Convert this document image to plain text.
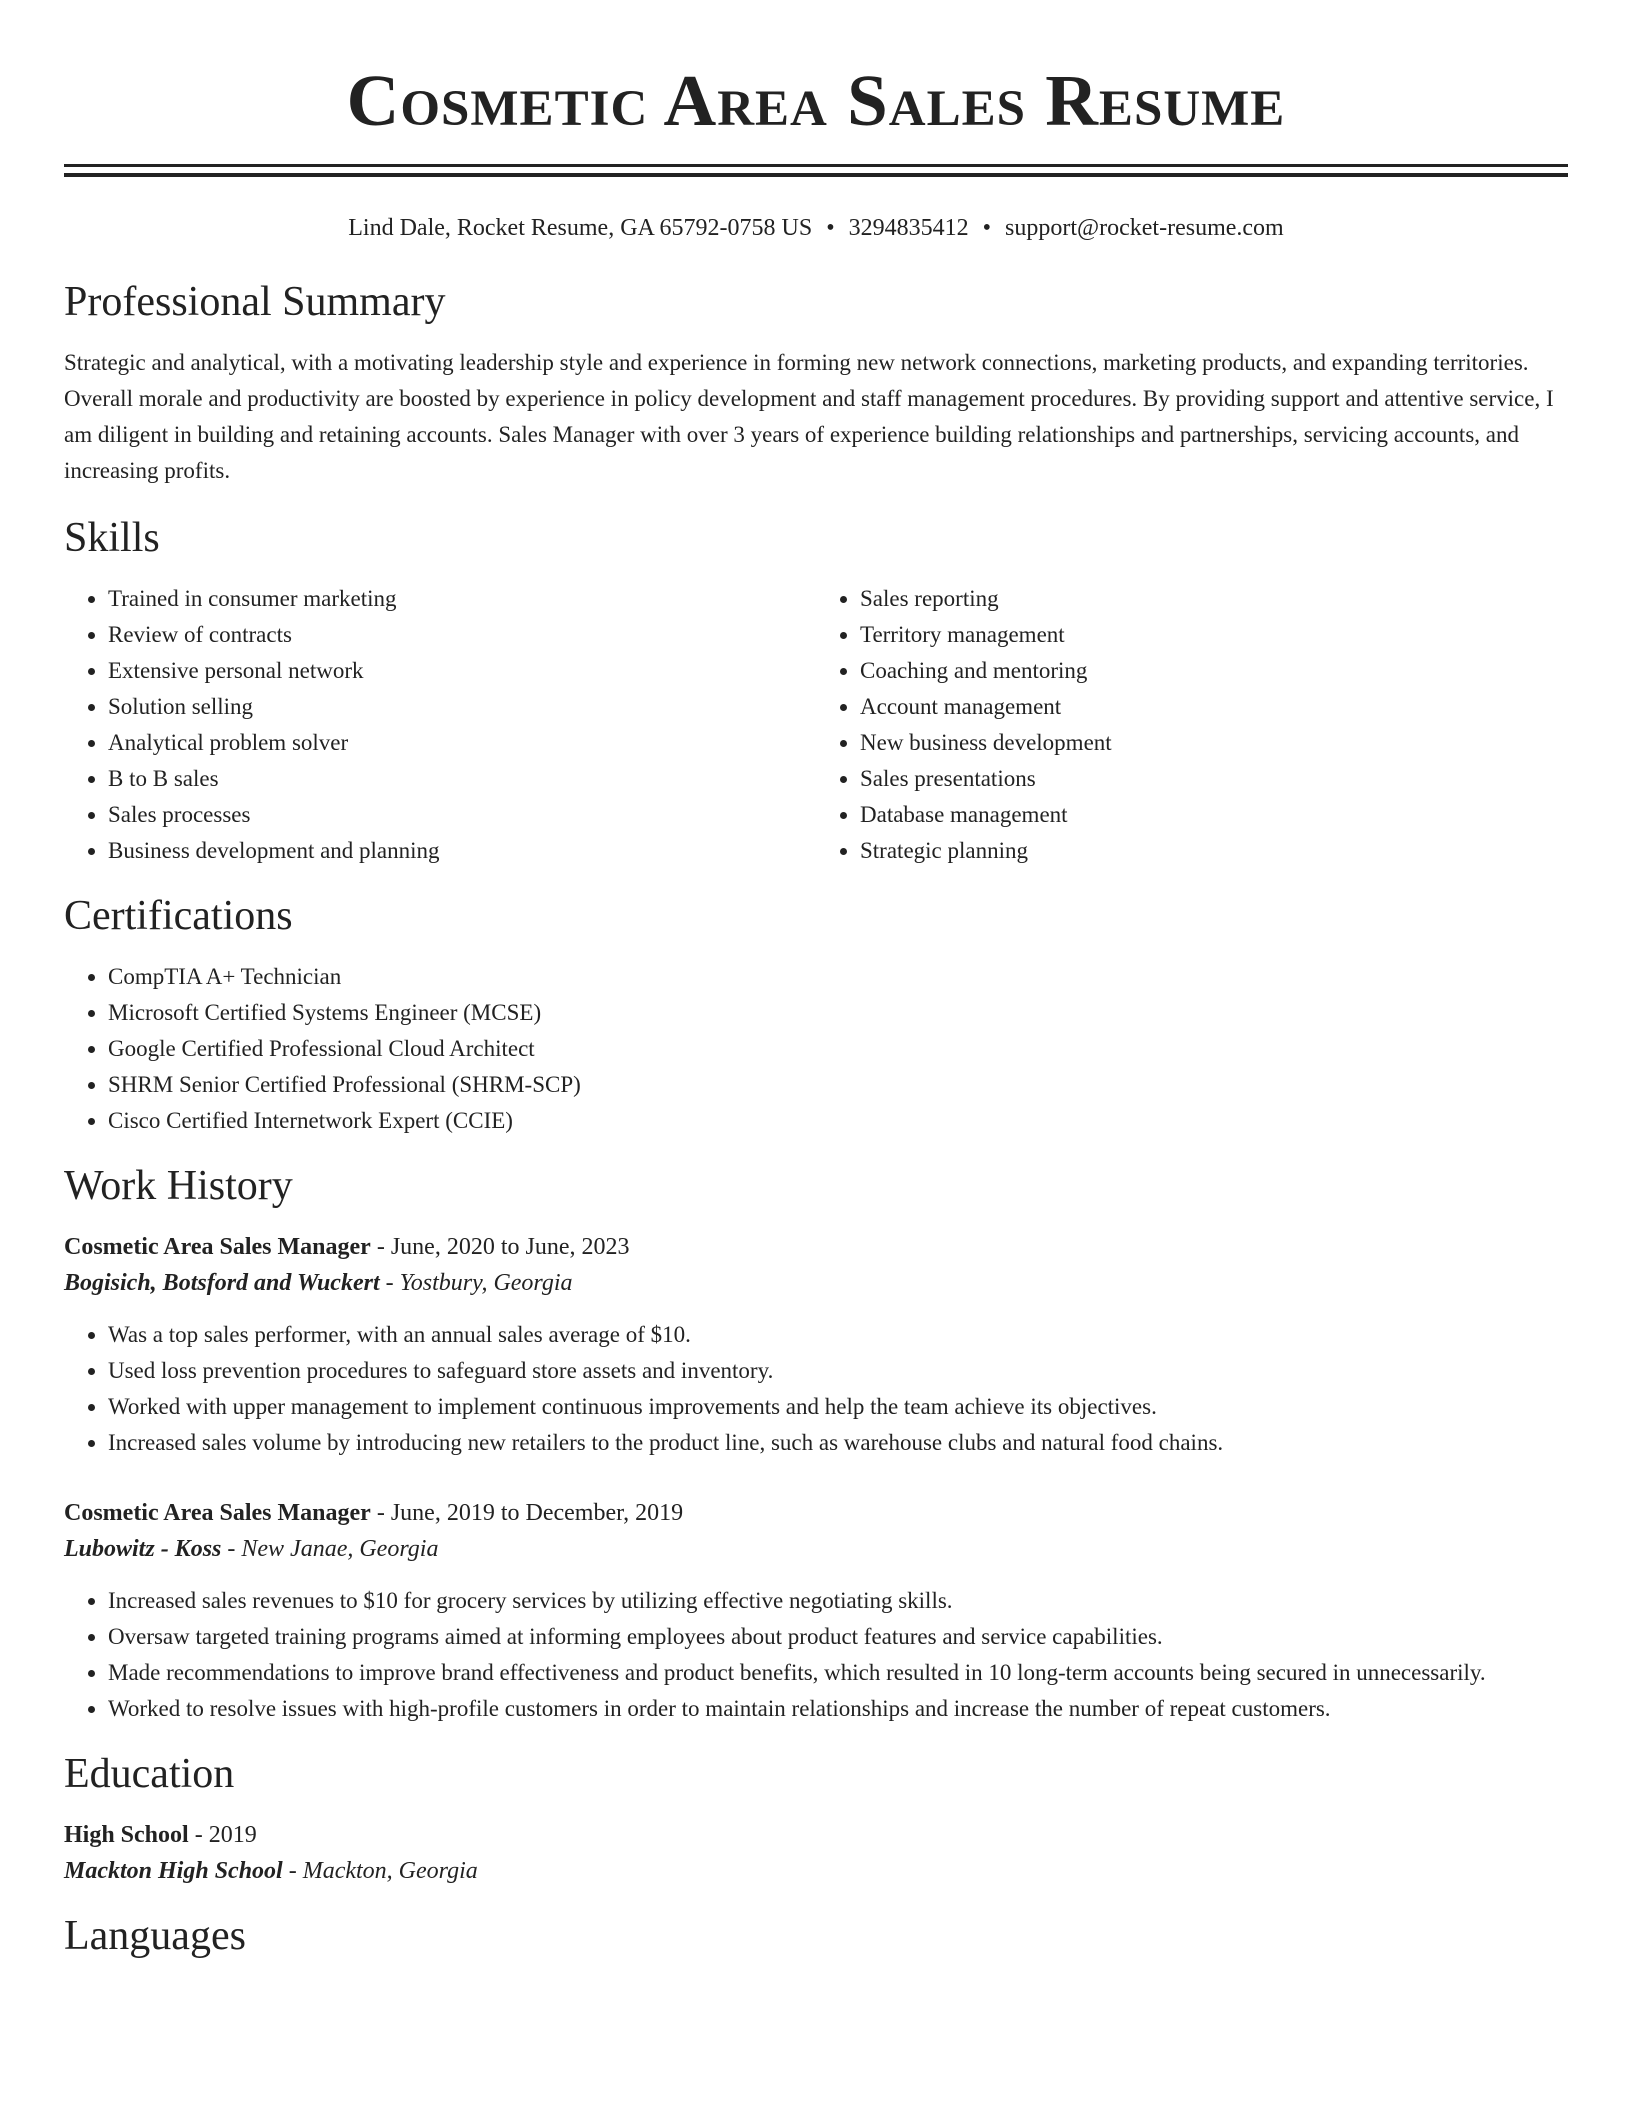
Cosmetic Area Sales Resume
Lind Dale, Rocket Resume, GA 65792-0758 US • 3294835412 • support@rocket-resume.com
Professional Summary

Strategic and analytical, with a motivating leadership style and experience in forming new network connections, marketing products, and expanding territories. Overall morale and productivity are boosted by experience in policy development and staff management procedures. By providing support and attentive service, I am diligent in building and retaining accounts. Sales Manager with over 3 years of experience building relationships and partnerships, servicing accounts, and increasing profits.

Skills
• Trained in consumer marketing
• Review of contracts
• Extensive personal network
• Solution selling
• Analytical problem solver
• B to B sales
• Sales processes
• Business development and planning
• Sales reporting
• Territory management
• Coaching and mentoring
• Account management
• New business development
• Sales presentations
• Database management
• Strategic planning
Certifications
• CompTIA A+ Technician
• Microsoft Certified Systems Engineer (MCSE)
• Google Certified Professional Cloud Architect
• SHRM Senior Certified Professional (SHRM-SCP)
• Cisco Certified Internetwork Expert (CCIE)
Work History
Cosmetic Area Sales Manager - June, 2020 to June, 2023
Bogisich, Botsford and Wuckert - Yostbury, Georgia
• Was a top sales performer, with an annual sales average of $10.
• Used loss prevention procedures to safeguard store assets and inventory.
• Worked with upper management to implement continuous improvements and help the team achieve its objectives.
• Increased sales volume by introducing new retailers to the product line, such as warehouse clubs and natural food chains.
Cosmetic Area Sales Manager - June, 2019 to December, 2019
Lubowitz - Koss - New Janae, Georgia
• Increased sales revenues to $10 for grocery services by utilizing effective negotiating skills.
• Oversaw targeted training programs aimed at informing employees about product features and service capabilities.
• Made recommendations to improve brand effectiveness and product benefits, which resulted in 10 long-term accounts being secured in unnecessarily.
• Worked to resolve issues with high-profile customers in order to maintain relationships and increase the number of repeat customers.
Education
High School - 2019
Mackton High School - Mackton, Georgia
Languages
